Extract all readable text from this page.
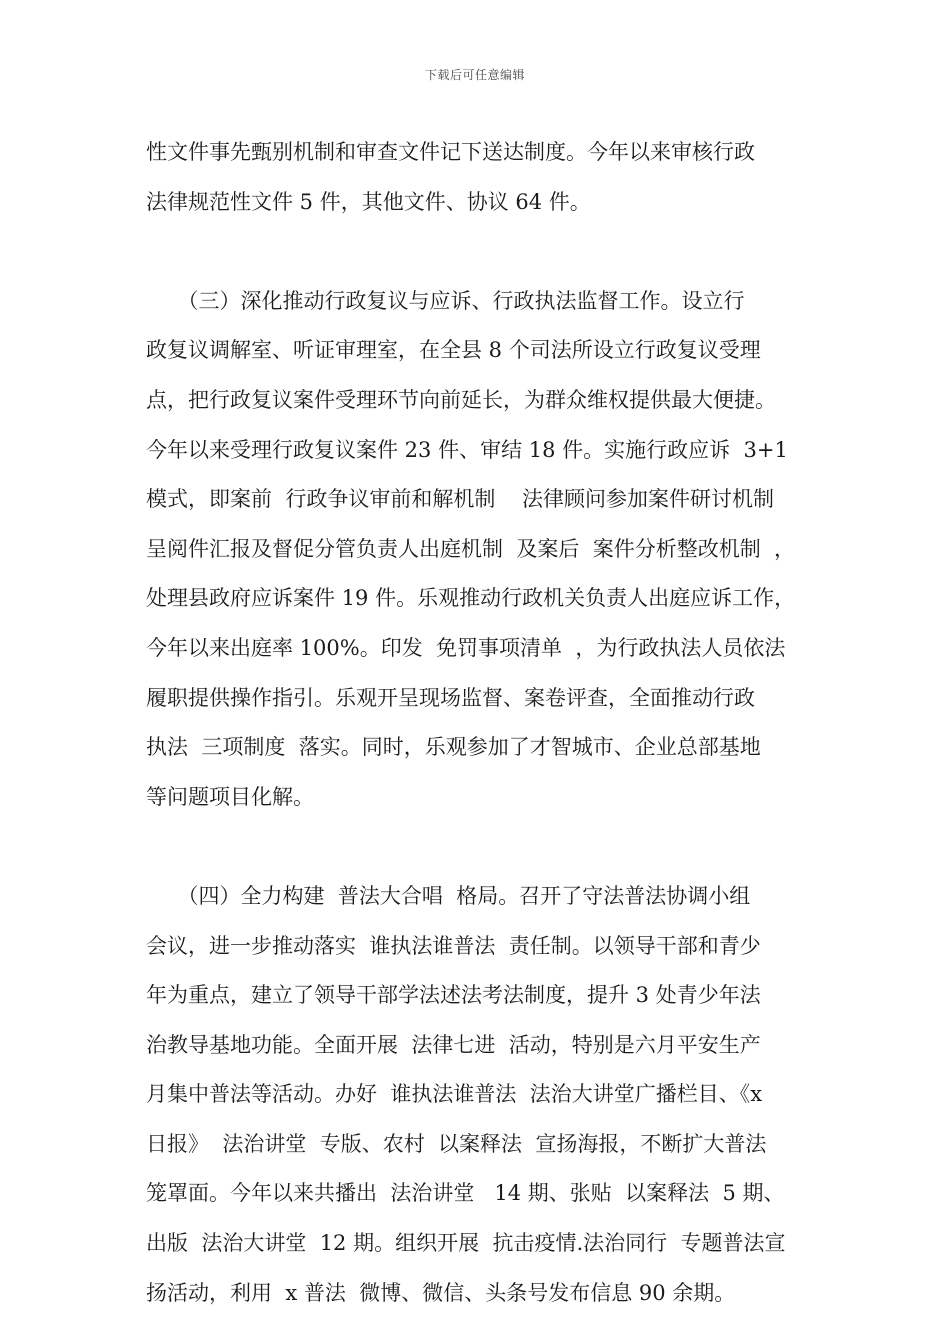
下载后可任意编辑
性文件事先甄别机制和审查文件记下送达制度。今年以来审核行政
法律规范性文件 5 件，其他文件、协议 64 件。
　　（三）深化推动行政复议与应诉、行政执法监督工作。设立行
政复议调解室、听证审理室，在全县 8 个司法所设立行政复议受理
点，把行政复议案件受理环节向前延长，为群众维权提供最大便捷。
今年以来受理行政复议案件 23 件、审结 18 件。实施行政应诉  3+1
模式，即案前  行政争议审前和解机制    法律顾问参加案件研讨机制
呈阅件汇报及督促分管负责人出庭机制  及案后  案件分析整改机制  ，
处理县政府应诉案件 19 件。乐观推动行政机关负责人出庭应诉工作，
今年以来出庭率 100%。印发  免罚事项清单  ，为行政执法人员依法
履职提供操作指引。乐观开呈现场监督、案卷评查，全面推动行政
执法  三项制度  落实。同时，乐观参加了才智城市、企业总部基地
等问题项目化解。
　　（四）全力构建  普法大合唱  格局。召开了守法普法协调小组
会议，进一步推动落实  谁执法谁普法  责任制。以领导干部和青少
年为重点，建立了领导干部学法述法考法制度，提升 3 处青少年法
治教导基地功能。全面开展  法律七进  活动，特别是六月平安生产
月集中普法等活动。办好  谁执法谁普法  法治大讲堂广播栏目、《x
日报》  法治讲堂  专版、农村  以案释法  宣扬海报，不断扩大普法
笼罩面。今年以来共播出  法治讲堂   14 期、张贴  以案释法  5 期、
出版  法治大讲堂  12 期。组织开展  抗击疫情.法治同行  专题普法宣
扬活动，利用  x 普法  微博、微信、头条号发布信息 90 余期。
